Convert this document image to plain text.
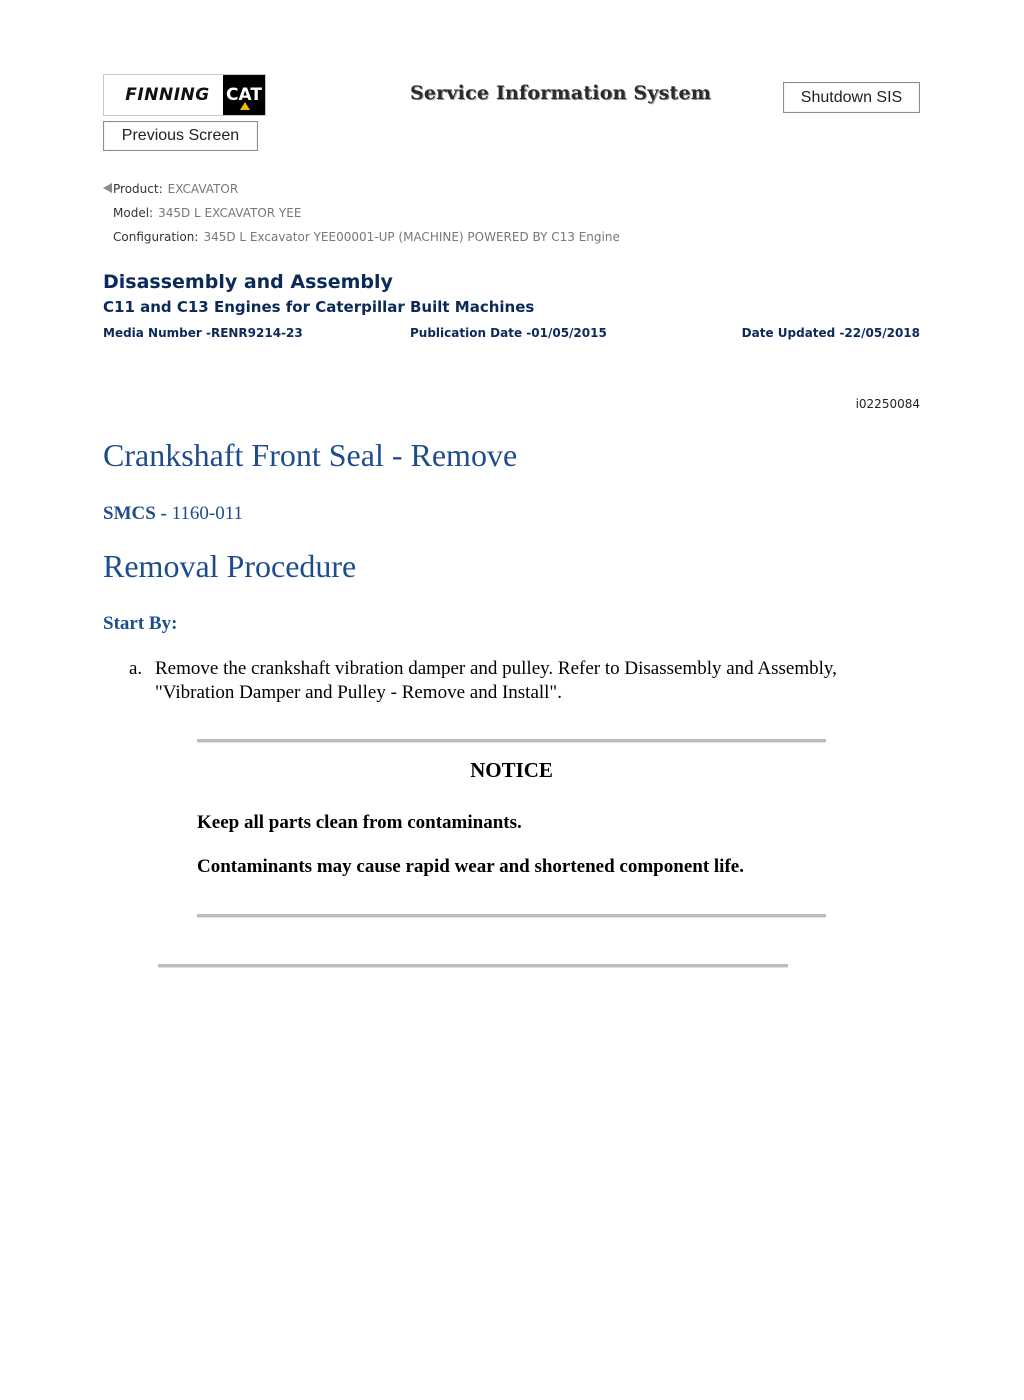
FINNING CAT	Service Information System	Shutdown SIS
Previous Screen
Product: EXCAVATOR
Model: 345D L EXCAVATOR YEE
Configuration: 345D L Excavator YEE00001-UP (MACHINE) POWERED BY C13 Engine
Disassembly and Assembly
C11 and C13 Engines for Caterpillar Built Machines
Media Number -RENR9214-23	Publication Date -01/05/2015	Date Updated -22/05/2018
i02250084
Crankshaft Front Seal - Remove
SMCS - 1160-011
Removal Procedure
Start By:
a. Remove the crankshaft vibration damper and pulley. Refer to Disassembly and Assembly, "Vibration Damper and Pulley - Remove and Install".
NOTICE
Keep all parts clean from contaminants.
Contaminants may cause rapid wear and shortened component life.
